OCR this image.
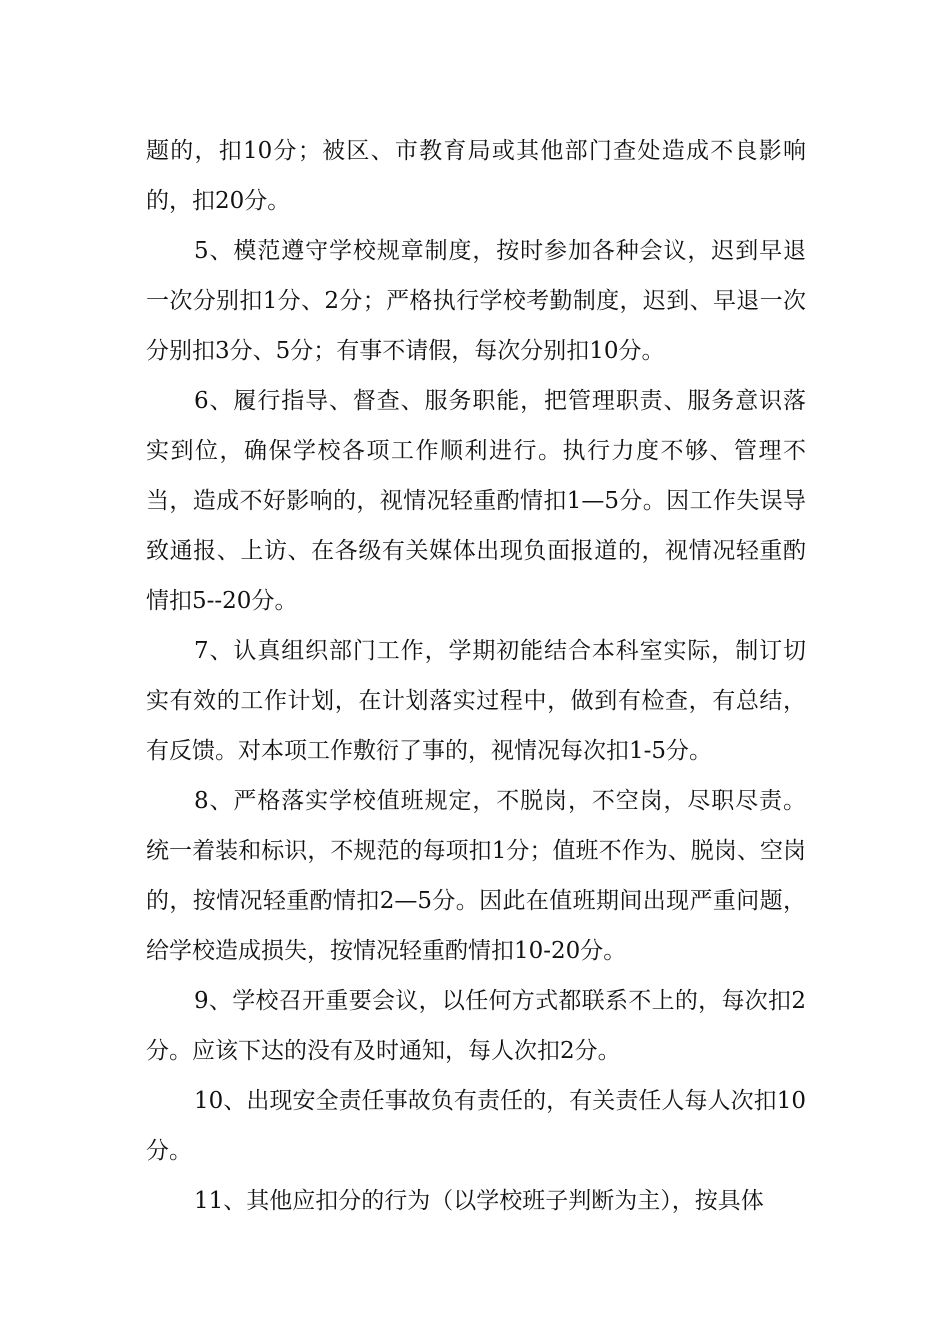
题的，扣10分；被区、市教育局或其他部门查处造成不良影响的，扣20分。

5、模范遵守学校规章制度，按时参加各种会议，迟到早退一次分别扣1分、2分；严格执行学校考勤制度，迟到、早退一次分别扣3分、5分；有事不请假，每次分别扣10分。

6、履行指导、督查、服务职能，把管理职责、服务意识落实到位，确保学校各项工作顺利进行。执行力度不够、管理不当，造成不好影响的，视情况轻重酌情扣1—5分。因工作失误导致通报、上访、在各级有关媒体出现负面报道的，视情况轻重酌情扣5--20分。

7、认真组织部门工作，学期初能结合本科室实际，制订切实有效的工作计划，在计划落实过程中，做到有检查，有总结，有反馈。对本项工作敷衍了事的，视情况每次扣1-5分。

8、严格落实学校值班规定，不脱岗，不空岗，尽职尽责。统一着装和标识，不规范的每项扣1分；值班不作为、脱岗、空岗的，按情况轻重酌情扣2—5分。因此在值班期间出现严重问题，给学校造成损失，按情况轻重酌情扣10-20分。

9、学校召开重要会议，以任何方式都联系不上的，每次扣2分。应该下达的没有及时通知，每人次扣2分。

10、出现安全责任事故负有责任的，有关责任人每人次扣10分。

11、其他应扣分的行为（以学校班子判断为主），按具体
